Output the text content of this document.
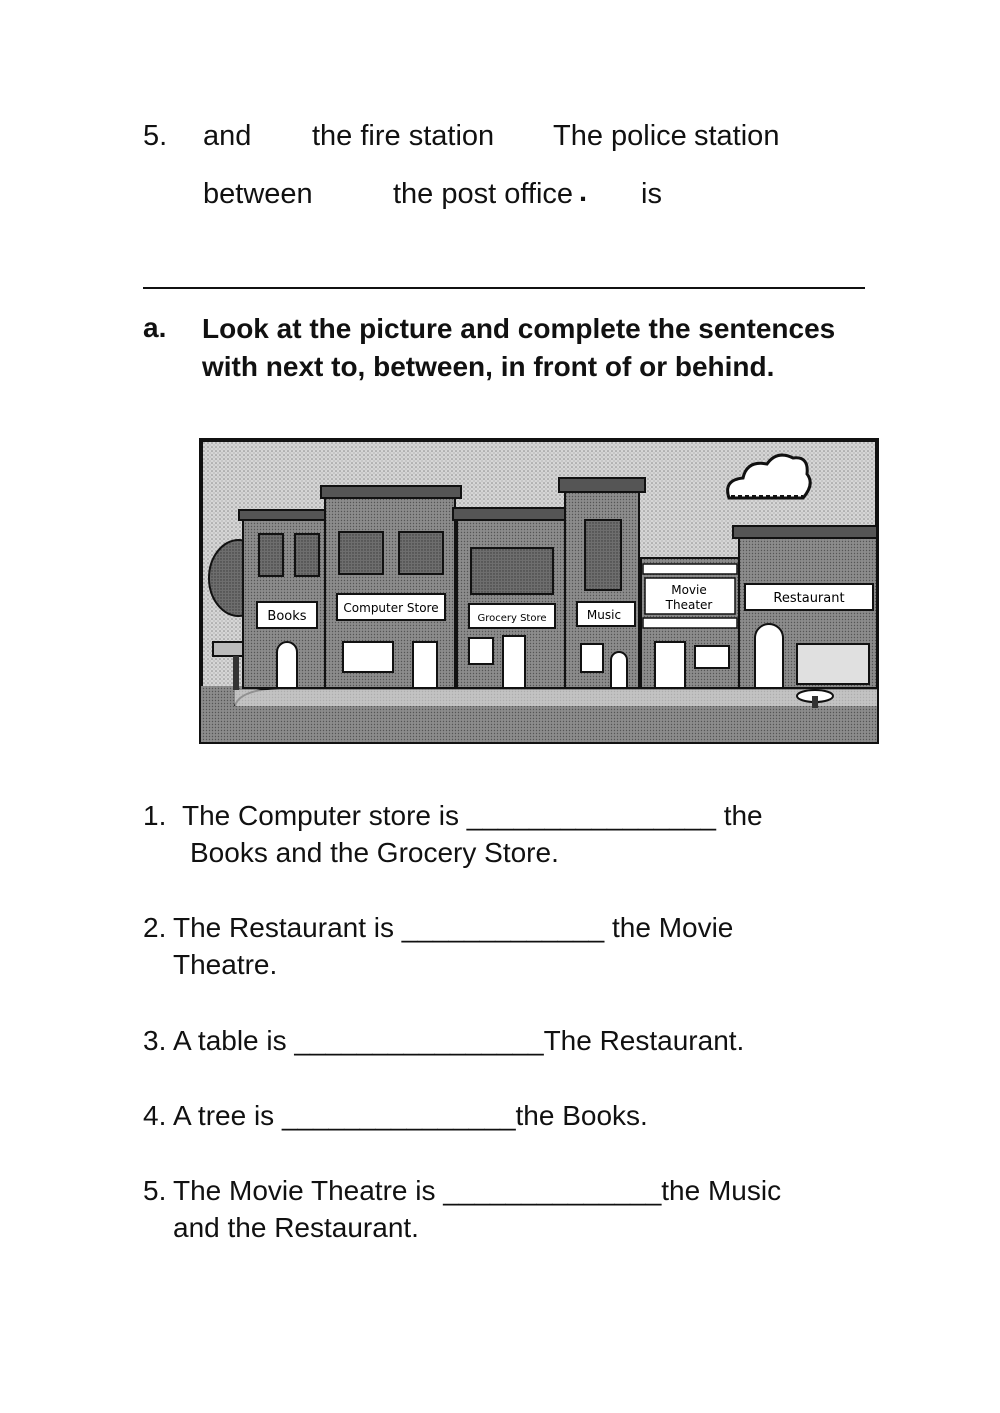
5. and the fire station The police station
between	the post office . is
a. Look at the picture and complete the sentences with next to, between, in front of or behind.
Books
Computer Store
Grocery Store	Music
Movie
Theater	Restaurant
1. The Computer store is ________________ the
Books and the Grocery Store.
2. The Restaurant is _____________ the Movie
Theatre.
3. A table is ________________The Restaurant.
4. A tree is _______________the Books.
5. The Movie Theatre is ______________the Music
and the Restaurant.
